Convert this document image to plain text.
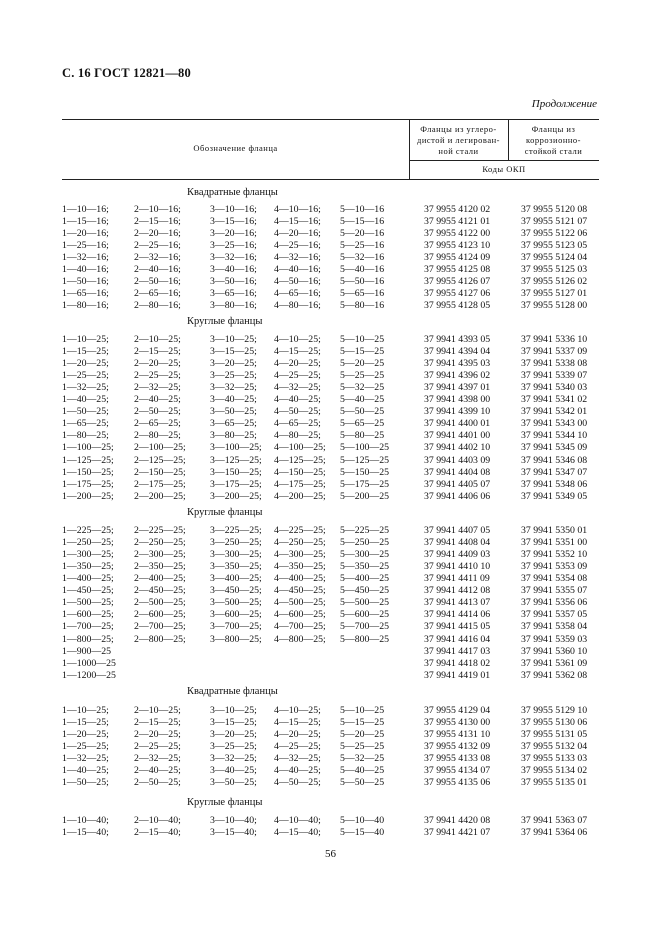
С. 16 ГОСТ 12821—80
Продолжение
Обозначение фланца
Фланцы из углеро-
дистой и легирован-
ной стали
Фланцы из
коррозионно-
стойкой стали
Коды ОКП
Квадратные фланцы
1—10—16;	2—10—16;	3—10—16; 4—10—16; 5—10—16	37 9955 4120 02	37 9955 5120 08
1—15—16;	2—15—16;	3—15—16; 4—15—16; 5—15—16	37 9955 4121 01	37 9955 5121 07
1—20—16;	2—20—16;	3—20—16; 4—20—16; 5—20—16	37 9955 4122 00	37 9955 5122 06
1—25—16;	2—25—16;	3—25—16; 4—25—16; 5—25—16	37 9955 4123 10	37 9955 5123 05
1—32—16;	2—32—16;	3—32—16; 4—32—16; 5—32—16	37 9955 4124 09	37 9955 5124 04
1—40—16;	2—40—16;	3—40—16; 4—40—16; 5—40—16	37 9955 4125 08	37 9955 5125 03
1—50—16;	2—50—16;	3—50—16; 4—50—16; 5—50—16	37 9955 4126 07	37 9955 5126 02
1—65—16;	2—65—16;	3—65—16; 4—65—16; 5—65—16	37 9955 4127 06	37 9955 5127 01
1—80—16;	2—80—16;	3—80—16; 4—80—16; 5—80—16	37 9955 4128 05	37 9955 5128 00
Круглые фланцы
1—10—25;	2—10—25;	3—10—25; 4—10—25; 5—10—25	37 9941 4393 05	37 9941 5336 10
1—15—25;	2—15—25;	3—15—25; 4—15—25; 5—15—25	37 9941 4394 04	37 9941 5337 09
1—20—25;	2—20—25;	3—20—25; 4—20—25; 5—20—25	37 9941 4395 03	37 9941 5338 08
1—25—25;	2—25—25;	3—25—25; 4—25—25; 5—25—25	37 9941 4396 02	37 9941 5339 07
1—32—25;	2—32—25;	3—32—25; 4—32—25; 5—32—25	37 9941 4397 01	37 9941 5340 03
1—40—25;	2—40—25;	3—40—25; 4—40—25; 5—40—25	37 9941 4398 00	37 9941 5341 02
1—50—25;	2—50—25;	3—50—25; 4—50—25; 5—50—25	37 9941 4399 10	37 9941 5342 01
1—65—25;	2—65—25;	3—65—25; 4—65—25; 5—65—25	37 9941 4400 01	37 9941 5343 00
1—80—25;	2—80—25;	3—80—25; 4—80—25; 5—80—25	37 9941 4401 00	37 9941 5344 10
1—100—25; 2—100—25; 3—100—25; 4—100—25; 5—100—25	37 9941 4402 10	37 9941 5345 09
1—125—25; 2—125—25; 3—125—25; 4—125—25; 5—125—25	37 9941 4403 09	37 9941 5346 08
1—150—25; 2—150—25; 3—150—25; 4—150—25; 5—150—25	37 9941 4404 08	37 9941 5347 07
1—175—25; 2—175—25; 3—175—25; 4—175—25; 5—175—25	37 9941 4405 07	37 9941 5348 06
1—200—25; 2—200—25; 3—200—25; 4—200—25; 5—200—25	37 9941 4406 06	37 9941 5349 05
Круглые фланцы
1—225—25; 2—225—25; 3—225—25; 4—225—25; 5—225—25	37 9941 4407 05	37 9941 5350 01
1—250—25; 2—250—25; 3—250—25; 4—250—25; 5—250—25	37 9941 4408 04	37 9941 5351 00
1—300—25; 2—300—25; 3—300—25; 4—300—25; 5—300—25	37 9941 4409 03	37 9941 5352 10
1—350—25; 2—350—25; 3—350—25; 4—350—25; 5—350—25	37 9941 4410 10	37 9941 5353 09
1—400—25; 2—400—25; 3—400—25; 4—400—25; 5—400—25	37 9941 4411 09	37 9941 5354 08
1—450—25; 2—450—25; 3—450—25; 4—450—25; 5—450—25	37 9941 4412 08	37 9941 5355 07
1—500—25; 2—500—25; 3—500—25; 4—500—25; 5—500—25	37 9941 4413 07	37 9941 5356 06
1—600—25; 2—600—25; 3—600—25; 4—600—25; 5—600—25	37 9941 4414 06	37 9941 5357 05
1—700—25; 2—700—25; 3—700—25; 4—700—25; 5—700—25	37 9941 4415 05	37 9941 5358 04
1—800—25; 2—800—25; 3—800—25; 4—800—25; 5—800—25	37 9941 4416 04	37 9941 5359 03
1—900—25	37 9941 4417 03	37 9941 5360 10
1—1000—25	37 9941 4418 02	37 9941 5361 09
1—1200—25	37 9941 4419 01	37 9941 5362 08
Квадратные фланцы
1—10—25;	2—10—25;	3—10—25; 4—10—25; 5—10—25	37 9955 4129 04	37 9955 5129 10
1—15—25;	2—15—25;	3—15—25; 4—15—25; 5—15—25	37 9955 4130 00	37 9955 5130 06
1—20—25;	2—20—25;	3—20—25; 4—20—25; 5—20—25	37 9955 4131 10	37 9955 5131 05
1—25—25;	2—25—25;	3—25—25; 4—25—25; 5—25—25	37 9955 4132 09	37 9955 5132 04
1—32—25;	2—32—25;	3—32—25; 4—32—25; 5—32—25	37 9955 4133 08	37 9955 5133 03
1—40—25;	2—40—25;	3—40—25; 4—40—25; 5—40—25	37 9955 4134 07	37 9955 5134 02
1—50—25;	2—50—25;	3—50—25; 4—50—25; 5—50—25	37 9955 4135 06	37 9955 5135 01
Круглые фланцы
1—10—40;	2—10—40;	3—10—40; 4—10—40; 5—10—40	37 9941 4420 08	37 9941 5363 07
1—15—40;	2—15—40;	3—15—40; 4—15—40; 5—15—40	37 9941 4421 07	37 9941 5364 06
56
